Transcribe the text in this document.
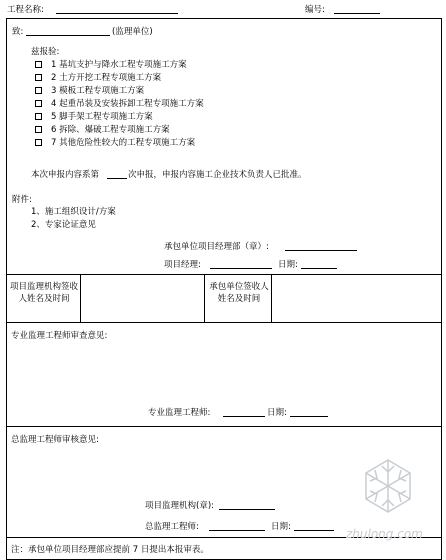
工程名称:	编号:
致:	(监理单位)
兹报验:
1 基坑支护与降水工程专项施工方案
2 土方开挖工程专项施工方案
3 模板工程专项施工方案
4 起重吊装及安装拆卸工程专项施工方案
5 脚手架工程专项施工方案
6 拆除、爆破工程专项施工方案
7 其他危险性较大的工程专项施工方案
本次申报内容系第	次申报，申报内容施工企业技术负责人已批准。
附件:
1、施工组织设计/方案
2、专家论证意见
承包单位项目经理部（章）:
项目经理:	日期:
项目监理机构签收人姓名及时间
承包单位签收人姓名及时间
专业监理工程师审查意见:
专业监理工程师:	日期:
总监理工程师审核意见:
项目监理机构(章):
总监理工程师:	日期:
注：承包单位项目经理部应提前 7 日提出本报审表。
zhulong.com
